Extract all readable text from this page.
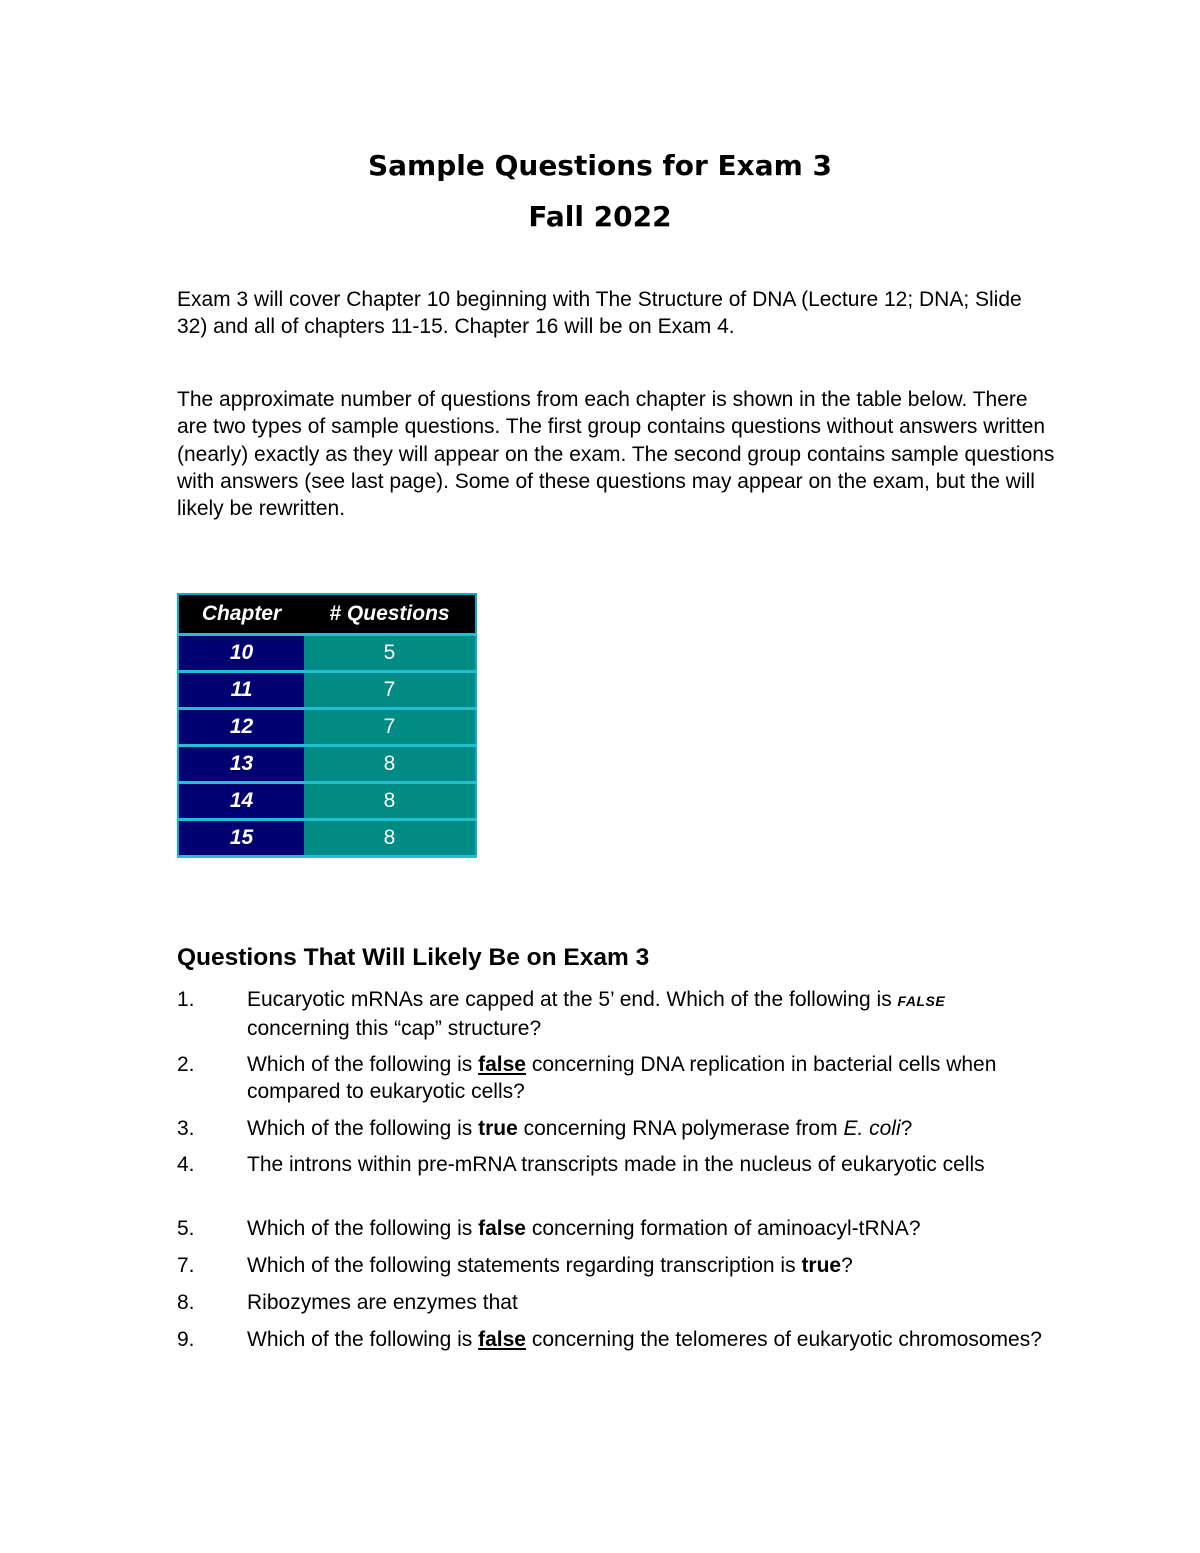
Sample Questions for Exam 3
Fall 2022
Exam 3 will cover Chapter 10 beginning with The Structure of DNA (Lecture 12; DNA; Slide 32) and all of chapters 11-15. Chapter 16 will be on Exam 4.
The approximate number of questions from each chapter is shown in the table below. There are two types of sample questions. The first group contains questions without answers written (nearly) exactly as they will appear on the exam. The second group contains sample questions with answers (see last page). Some of these questions may appear on the exam, but the will likely be rewritten.
Chapter	# Questions
10	5
11	7
12	7
13	8
14	8
15	8
Questions That Will Likely Be on Exam 3
1. Eucaryotic mRNAs are capped at the 5’ end. Which of the following is FALSE concerning this “cap” structure?
2. Which of the following is false concerning DNA replication in bacterial cells when compared to eukaryotic cells?
3. Which of the following is true concerning RNA polymerase from E. coli?
4. The introns within pre-mRNA transcripts made in the nucleus of eukaryotic cells
5. Which of the following is false concerning formation of aminoacyl-tRNA?
7. Which of the following statements regarding transcription is true?
8. Ribozymes are enzymes that
9. Which of the following is false concerning the telomeres of eukaryotic chromosomes?
